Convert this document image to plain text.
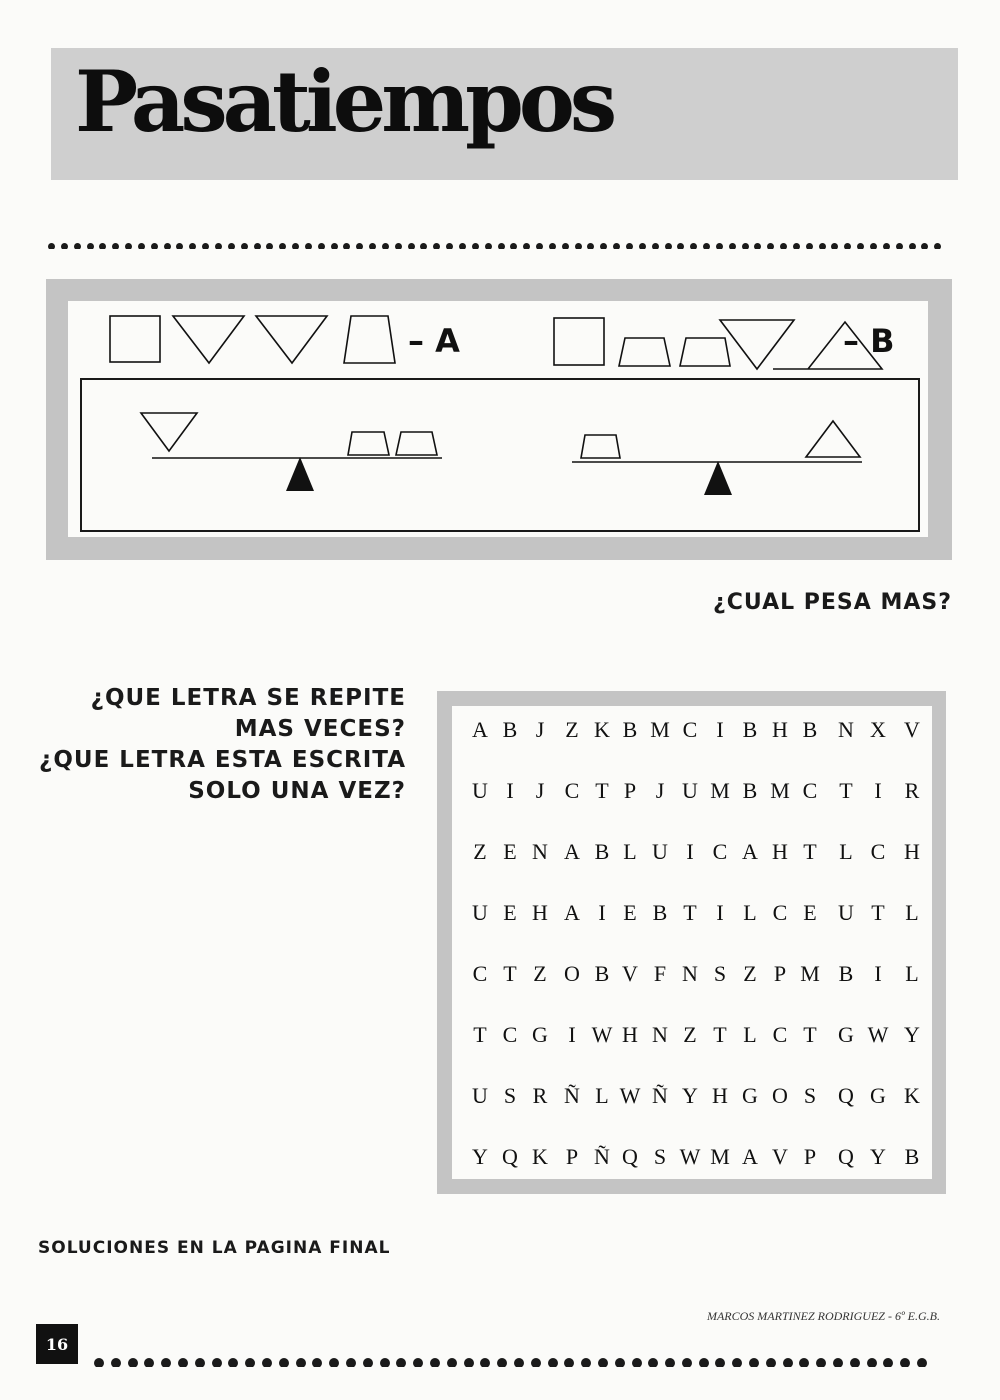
Pasatiempos
– A	– B
¿CUAL PESA MAS?
¿QUE LETRA SE REPITE
MAS VECES?
¿QUE LETRA ESTA ESCRITA
SOLO UNA VEZ?
A B J Z K B M C I B H B N X V
U I	J C T P J U M B M C T I	R
Z E N A B L U I C A H T L C H
U E H A I E B T I L C E U T L
C T Z O B V F N S Z P M B I	L
T C G I W H N Z T L C T G W Y
U S R Ñ L W Ñ Y H G O S Q G K
Y Q K P Ñ Q S W M A V P Q Y B
SOLUCIONES EN LA PAGINA FINAL
MARCOS MARTINEZ RODRIGUEZ - 6º E.G.B.
16
